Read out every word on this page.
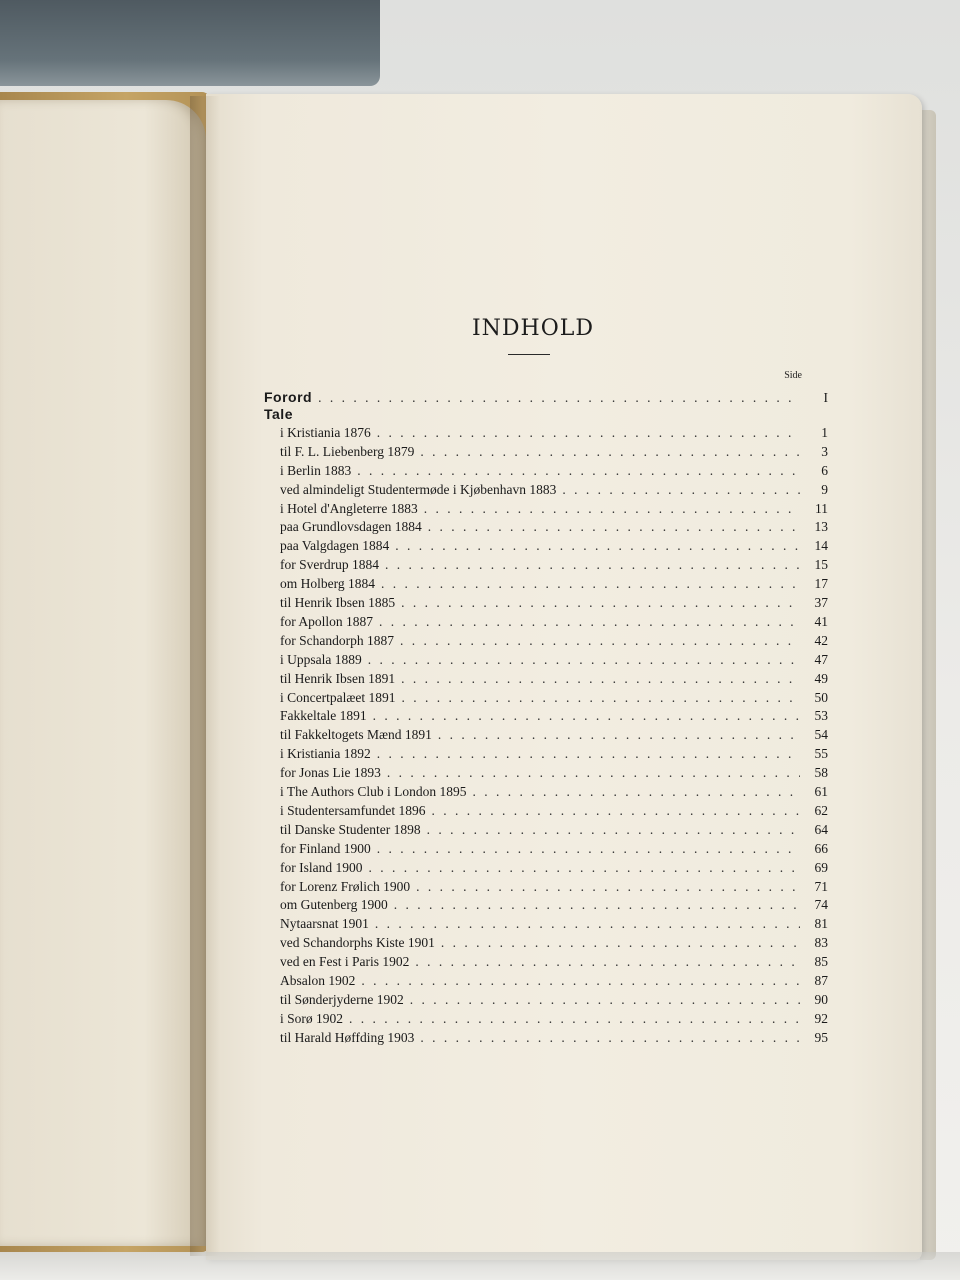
INDHOLD
Side
Forord . . .	I
Tale
i Kristiania 1876 . . .	1
til F. L. Liebenberg 1879 . . .	3
i Berlin 1883 . . .	6
ved almindeligt Studentermøde i Kjøbenhavn 1883 . . .	9
i Hotel d'Angleterre 1883 . . .	11
paa Grundlovsdagen 1884 . . .	13
paa Valgdagen 1884 . . .	14
for Sverdrup 1884 . . .	15
om Holberg 1884 . . .	17
til Henrik Ibsen 1885 . . .	37
for Apollon 1887 . . .	41
for Schandorph 1887 . . .	42
i Uppsala 1889 . . .	47
til Henrik Ibsen 1891 . . .	49
i Concertpalæet 1891 . . .	50
Fakkeltale 1891 . . .	53
til Fakkeltogets Mænd 1891 . . .	54
i Kristiania 1892 . . .	55
for Jonas Lie 1893 . . .	58
i The Authors Club i London 1895 . . .	61
i Studentersamfundet 1896 . . .	62
til Danske Studenter 1898 . . .	64
for Finland 1900 . . .	66
for Island 1900 . . .	69
for Lorenz Frølich 1900 . . .	71
om Gutenberg 1900 . . .	74
Nytaarsnat 1901 . . .	81
ved Schandorphs Kiste 1901 . . .	83
ved en Fest i Paris 1902 . . .	85
Absalon 1902 . . .	87
til Sønderjyderne 1902 . . .	90
i Sorø 1902 . . .	92
til Harald Høffding 1903 . . .	95
